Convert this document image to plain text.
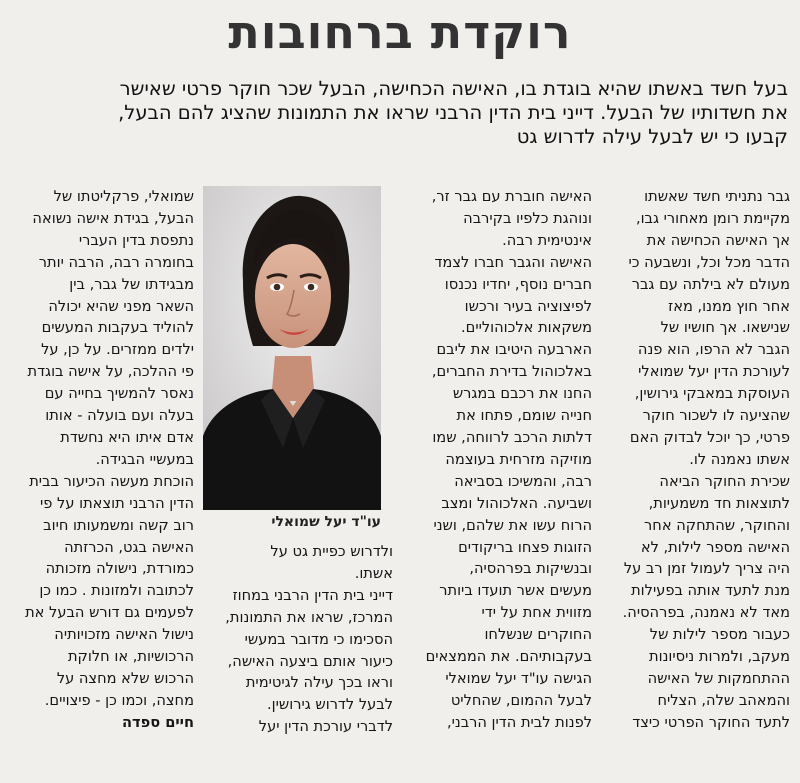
רוקדת ברחובות

בעל חשד באשתו שהיא בוגדת בו, האישה הכחישה, הבעל שכר חוקר פרטי שאישר

את חשדותיו של הבעל. דייני בית הדין הרבני שראו את התמונות שהציג להם הבעל,

קבעו כי יש לבעל עילה לדרוש גט

גבר נתניתי חשד שאשתו

מקיימת רומן מאחורי גבו,

אך האישה הכחישה את

הדבר מכל וכל, ונשבעה כי

מעולם לא בילתה עם גבר

אחר חוץ ממנו, מאז

שנישאו. אך חושיו של

הגבר לא הרפו, הוא פנה

לעורכת הדין יעל שמואלי

העוסקת במאבקי גירושין,

שהציעה לו לשכור חוקר

פרטי, כך יוכל לבדוק האם

אשתו נאמנה לו.

שכירת החוקר הביאה

לתוצאות חד משמעיות,

והחוקר, שהתחקה אחר

האישה מספר לילות, לא

היה צריך לעמול זמן רב על

מנת לתעד אותה בפעילות

מאד לא נאמנה, בפרהסיה.

כעבור מספר לילות של

מעקב, ולמרות ניסיונות

ההתחמקות של האישה

והמאהב שלה, הצליח

לתעד החוקר הפרטי כיצד

האישה חוברת עם גבר זר,

ונוהגת כלפיו בקירבה

אינטימית רבה.

האישה והגבר חברו לצמד

חברים נוסף, יחדיו נכנסו

לפיצוציה בעיר ורכשו

משקאות אלכוהוליים.

הארבעה היטיבו את ליבם

באלכוהול בדירת החברים,

החנו את רכבם במגרש

חנייה שומם, פתחו את

דלתות הרכב לרווחה, שמו

מוזיקה מזרחית בעוצמה

רבה, והמשיכו בסביאה

ושביעה. האלכוהול ומצב

הרוח עשו את שלהם, ושני

הזוגות פצחו בריקודים

ובנשיקות בפרהסיה,

מעשים אשר תועדו ביותר

מזווית אחת על ידי

החוקרים שנשלחו

בעקבותיהם. את הממצאים

הגישה עו"ד יעל שמואלי

לבעל ההמום, שהחליט

לפנות לבית הדין הרבני,

עו"ד יעל שמואלי

ולדרוש כפיית גט על

אשתו.

דייני בית הדין הרבני במחוז

המרכז, שראו את התמונות,

הסכימו כי מדובר במעשי

כיעור אותם ביצעה האישה,

וראו בכך עילה לגיטימית

לבעל לדרוש גירושין.

לדברי עורכת הדין יעל

שמואלי, פרקליטתו של

הבעל, בגידת אישה נשואה

נתפסת בדין העברי

בחומרה רבה, הרבה יותר

מבגידתו של גבר, בין

השאר מפני שהיא יכולה

להוליד בעקבות המעשים

ילדים ממזרים. על כן, על

פי ההלכה, על אישה בוגדת

נאסר להמשיך בחייה עם

בעלה ועם בועלה - אותו

אדם איתו היא נחשדת

במעשיי הבגידה.

הוכחת מעשה הכיעור בבית

הדין הרבני תוצאתו על פי

רוב קשה ומשמעותו חיוב

האישה בגט, הכרזתה

כמורדת, נישולה מזכותה

לכתובה ולמזונות . כמו כן

לפעמים גם דורש הבעל את

נישול האישה מזכויותיה

הרכושיות, או חלוקת

הרכוש שלא מחצה על

מחצה, וכמו כן - פיצויים.

חיים ספדה
